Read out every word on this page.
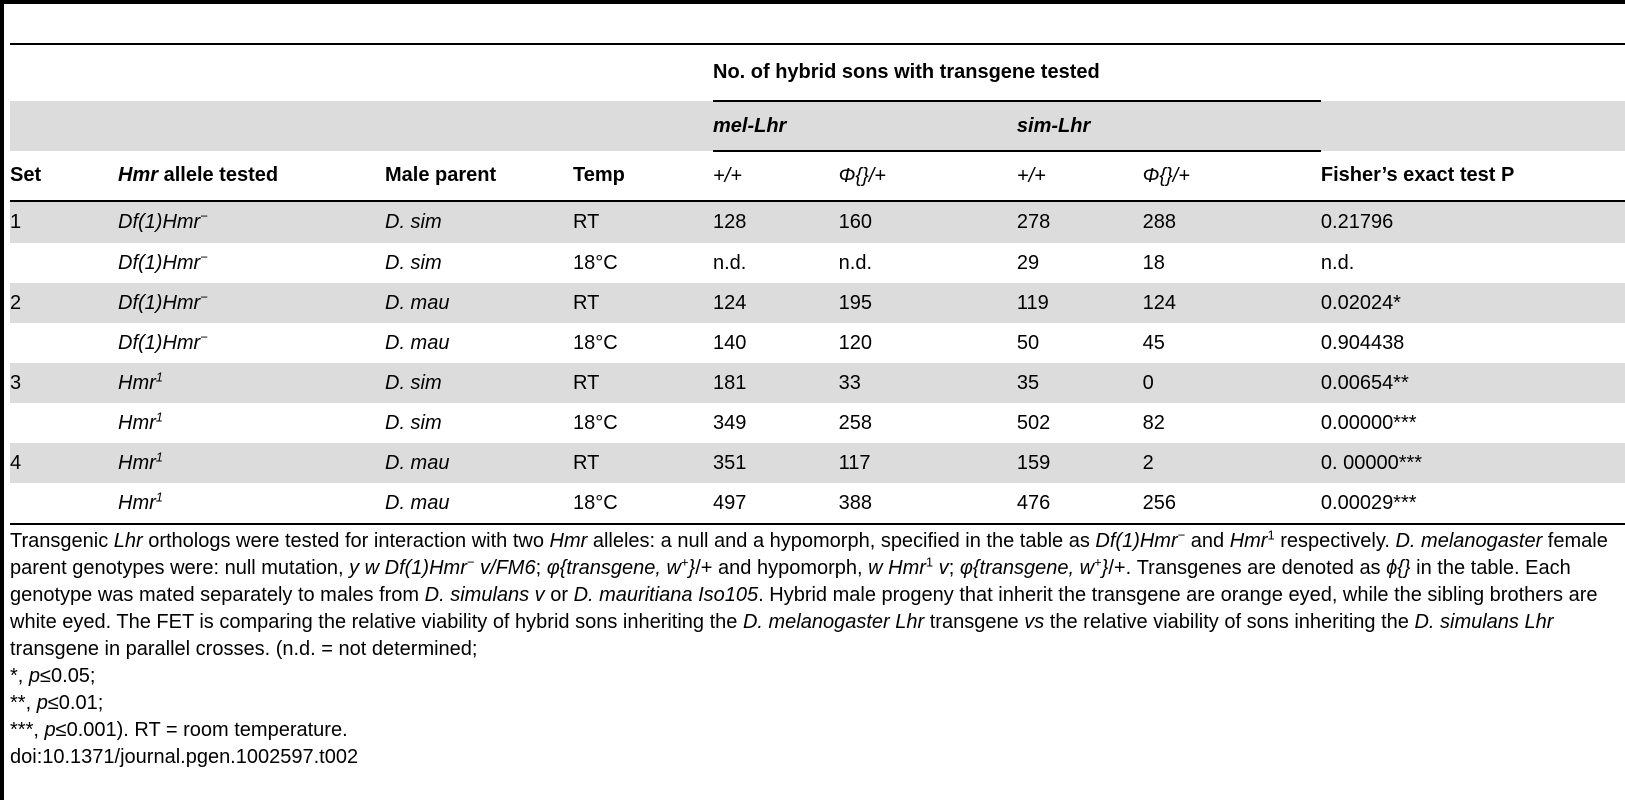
				No. of hybrid sons with transgene tested				
				mel-Lhr		sim-Lhr		
Set	Hmr allele tested	Male parent	Temp	+/+	Φ{}/+	+/+	Φ{}/+	Fisher’s exact test P
1	Df(1)Hmr−	D. sim	RT	128	160	278	288	0.21796
	Df(1)Hmr−	D. sim	18°C	n.d.	n.d.	29	18	n.d.
2	Df(1)Hmr−	D. mau	RT	124	195	119	124	0.02024*
	Df(1)Hmr−	D. mau	18°C	140	120	50	45	0.904438
3	Hmr$^1$	D. sim	RT	181	33	35	0	0.00654**
	Hmr$^1$	D. sim	18°C	349	258	502	82	0.00000***
4	Hmr$^1$	D. mau	RT	351	117	159	2	0. 00000***
	Hmr$^1$	D. mau	18°C	497	388	476	256	0.00029***

Transgenic Lhr orthologs were tested for interaction with two Hmr alleles: a null and a hypomorph, specified in the table as Df(1)Hmr− and Hmr$^1$ respectively. D. melanogaster female parent genotypes were: null mutation, y w Df(1)Hmr− v/FM6; φ{transgene, w+}/+ and hypomorph, w Hmr$^1$ v; φ{transgene, w+}/+. Transgenes are denoted as ϕ{} in the table. Each genotype was mated separately to males from D. simulans v or D. mauritiana Iso105. Hybrid male progeny that inherit the transgene are orange eyed, while the sibling brothers are white eyed. The FET is comparing the relative viability of hybrid sons inheriting the D. melanogaster Lhr transgene vs the relative viability of sons inheriting the D. simulans Lhr transgene in parallel crosses. (n.d. = not determined;

*, p≤0.05;

**, p≤0.01;

***, p≤0.001). RT = room temperature.

doi:10.1371/journal.pgen.1002597.t002
